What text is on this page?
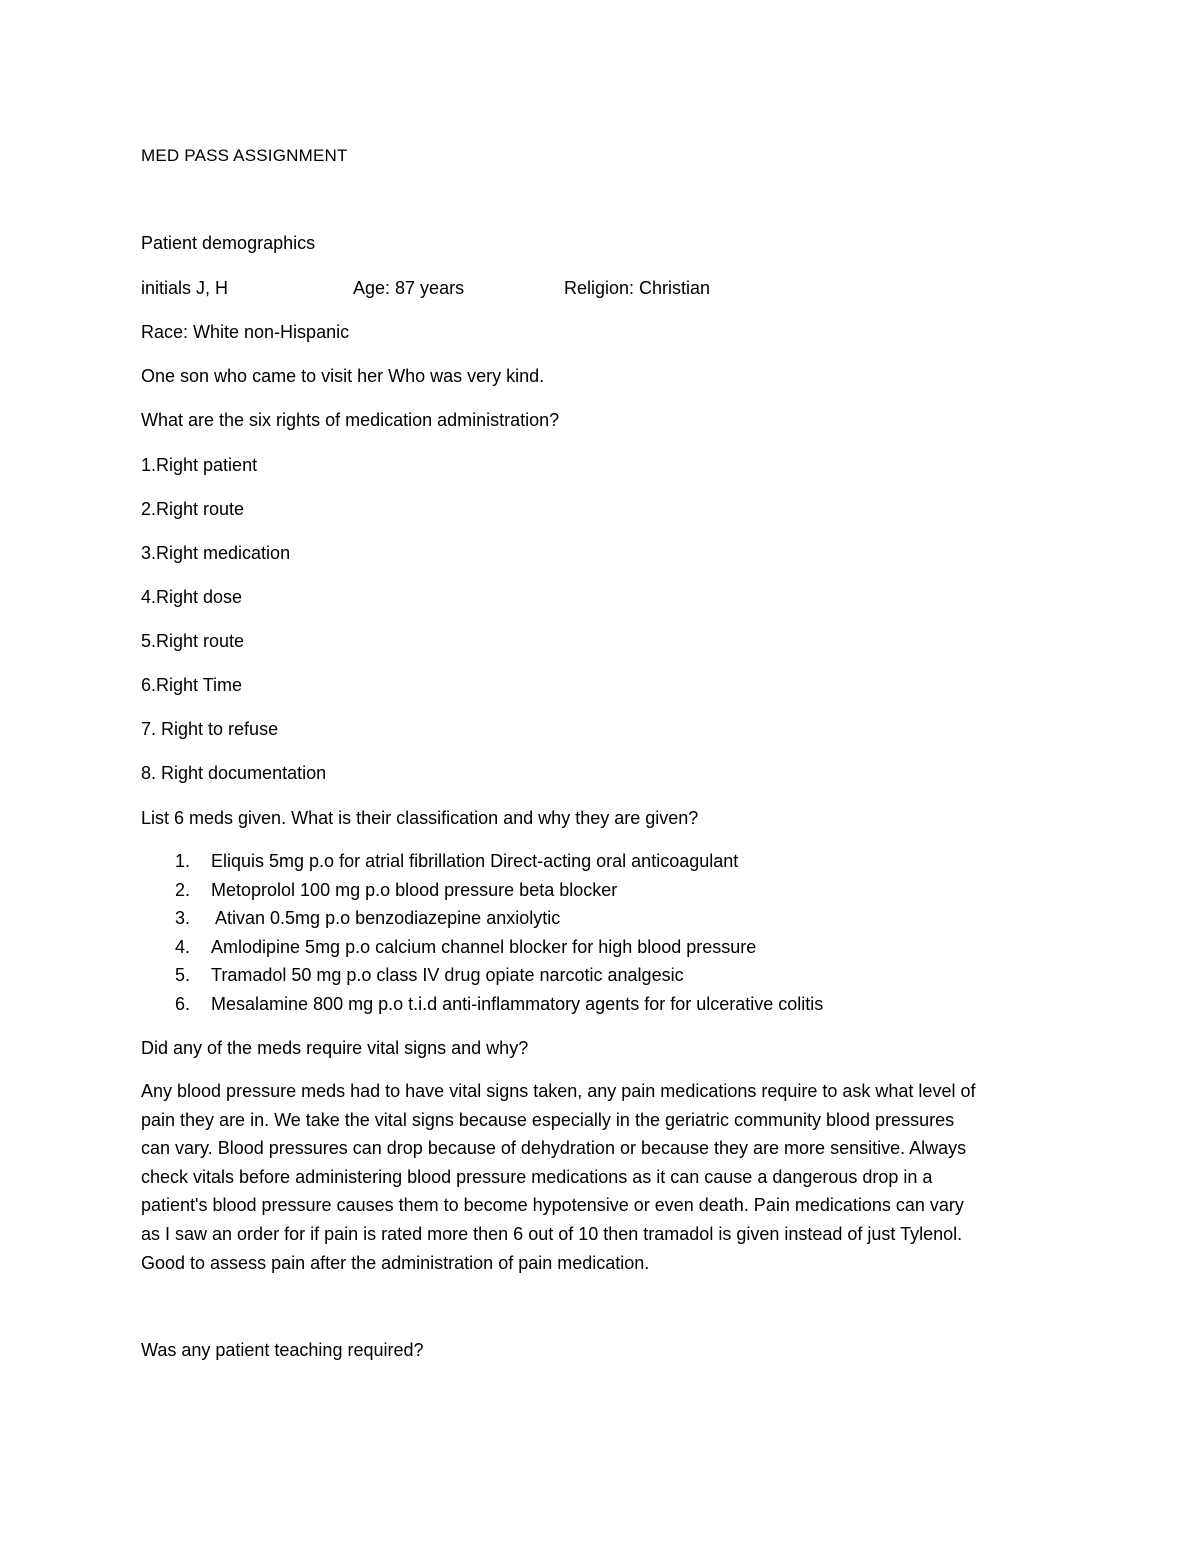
MED PASS ASSIGNMENT
Patient demographics
initials J, H	Age: 87 years	Religion: Christian
Race: White non-Hispanic
One son who came to visit her Who was very kind.
What are the six rights of medication administration?
1.Right patient
2.Right route
3.Right medication
4.Right dose
5.Right route
6.Right Time
7. Right to refuse
8. Right documentation
List 6 meds given. What is their classification and why they are given?
1. Eliquis 5mg p.o for atrial fibrillation Direct-acting oral anticoagulant
2. Metoprolol 100 mg p.o blood pressure beta blocker
3. Ativan 0.5mg p.o benzodiazepine anxiolytic
4. Amlodipine 5mg p.o calcium channel blocker for high blood pressure
5. Tramadol 50 mg p.o class IV drug opiate narcotic analgesic
6. Mesalamine 800 mg p.o t.i.d anti-inflammatory agents for for ulcerative colitis
Did any of the meds require vital signs and why?

Any blood pressure meds had to have vital signs taken, any pain medications require to ask what level of
pain they are in. We take the vital signs because especially in the geriatric community blood pressures
can vary. Blood pressures can drop because of dehydration or because they are more sensitive. Always
check vitals before administering blood pressure medications as it can cause a dangerous drop in a
patient's blood pressure causes them to become hypotensive or even death. Pain medications can vary
as I saw an order for if pain is rated more then 6 out of 10 then tramadol is given instead of just Tylenol.
Good to assess pain after the administration of pain medication.

Was any patient teaching required?
